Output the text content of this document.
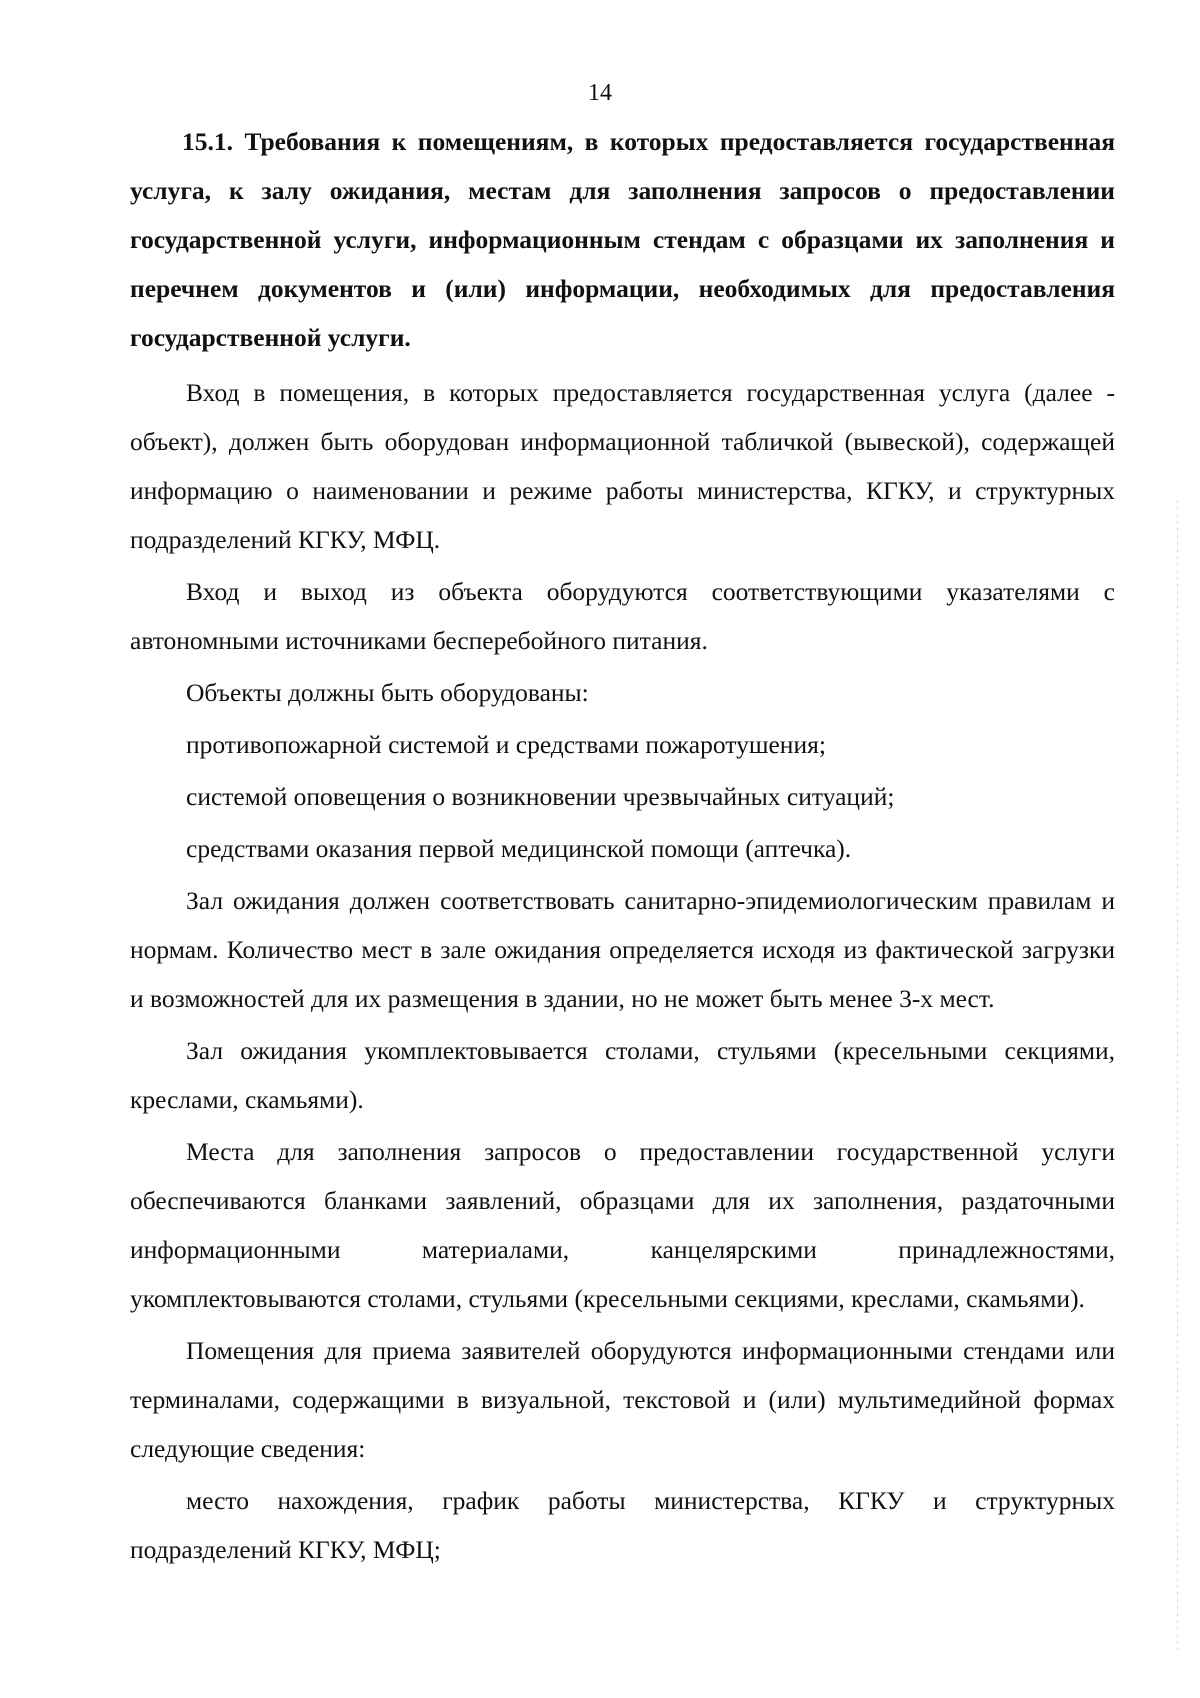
14

15.1. Требования к помещениям, в которых предоставляется государственная услуга, к залу ожидания, местам для заполнения запросов о предоставлении государственной услуги, информационным стендам с образцами их заполнения и перечнем документов и (или) информации, необходимых для предоставления государственной услуги.

Вход в помещения, в которых предоставляется государственная услуга (далее - объект), должен быть оборудован информационной табличкой (вывеской), содержащей информацию о наименовании и режиме работы министерства, КГКУ, и структурных подразделений КГКУ, МФЦ.

Вход и выход из объекта оборудуются соответствующими указателями с автономными источниками бесперебойного питания.

Объекты должны быть оборудованы:

противопожарной системой и средствами пожаротушения;

системой оповещения о возникновении чрезвычайных ситуаций;

средствами оказания первой медицинской помощи (аптечка).

Зал ожидания должен соответствовать санитарно-эпидемиологическим правилам и нормам. Количество мест в зале ожидания определяется исходя из фактической загрузки и возможностей для их размещения в здании, но не может быть менее 3-х мест.

Зал ожидания укомплектовывается столами, стульями (кресельными секциями, креслами, скамьями).

Места для заполнения запросов о предоставлении государственной услуги обеспечиваются бланками заявлений, образцами для их заполнения, раздаточными информационными материалами, канцелярскими принадлежностями, укомплектовываются столами, стульями (кресельными секциями, креслами, скамьями).

Помещения для приема заявителей оборудуются информационными стендами или терминалами, содержащими в визуальной, текстовой и (или) мультимедийной формах следующие сведения:

место нахождения, график работы министерства, КГКУ и структурных подразделений КГКУ, МФЦ;
